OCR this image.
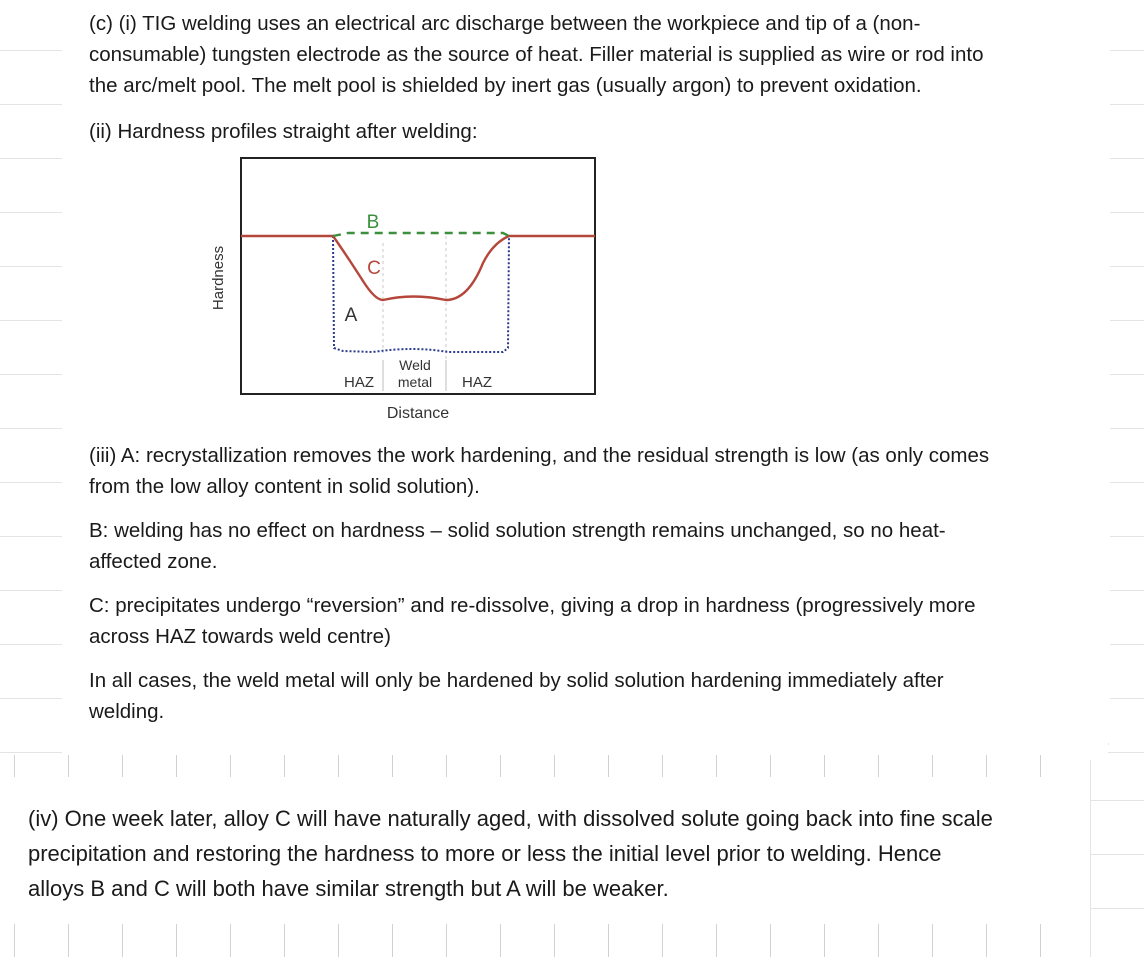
(c) (i) TIG welding uses an electrical arc discharge between the workpiece and tip of a (non-
consumable) tungsten electrode as the source of heat. Filler material is supplied as wire or rod into
the arc/melt pool. The melt pool is shielded by inert gas (usually argon) to prevent oxidation.

(ii) Hardness profiles straight after welding:

Hardness
B
C
A
HAZ
Weld
metal HAZ
Distance

(iii) A: recrystallization removes the work hardening, and the residual strength is low (as only comes
from the low alloy content in solid solution).

B: welding has no effect on hardness – solid solution strength remains unchanged, so no heat-
affected zone.

C: precipitates undergo “reversion” and re-dissolve, giving a drop in hardness (progressively more
across HAZ towards weld centre)

In all cases, the weld metal will only be hardened by solid solution hardening immediately after
welding.

(iv) One week later, alloy C will have naturally aged, with dissolved solute going back into fine scale
precipitation and restoring the hardness to more or less the initial level prior to welding. Hence
alloys B and C will both have similar strength but A will be weaker.
